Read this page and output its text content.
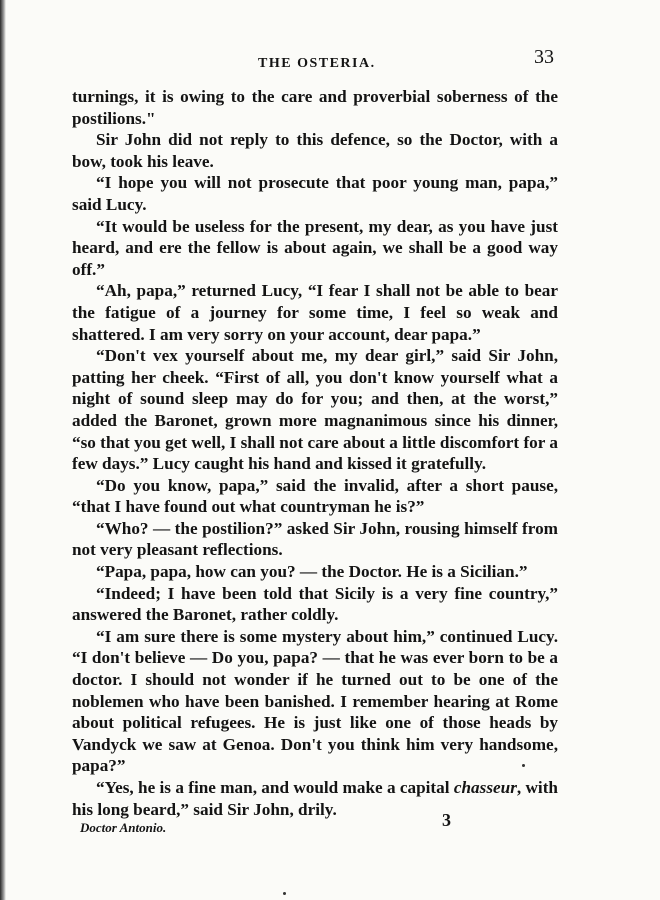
THE OSTERIA.	33

turnings, it is owing to the care and proverbial soberness of the postilions."

Sir John did not reply to this defence, so the Doctor, with a bow, took his leave.

“I hope you will not prosecute that poor young man, papa,” said Lucy.

“It would be useless for the present, my dear, as you have just heard, and ere the fellow is about again, we shall be a good way off.”

“Ah, papa,” returned Lucy, “I fear I shall not be able to bear the fatigue of a journey for some time, I feel so weak and shattered. I am very sorry on your account, dear papa.”

“Don't vex yourself about me, my dear girl,” said Sir John, patting her cheek. “First of all, you don't know yourself what a night of sound sleep may do for you; and then, at the worst,” added the Baronet, grown more magnanimous since his dinner, “so that you get well, I shall not care about a little discomfort for a few days.” Lucy caught his hand and kissed it gratefully.

“Do you know, papa,” said the invalid, after a short pause, “that I have found out what countryman he is?”

“Who? — the postilion?” asked Sir John, rousing himself from not very pleasant reflections.

“Papa, papa, how can you? — the Doctor. He is a Sicilian.”

“Indeed; I have been told that Sicily is a very fine country,” answered the Baronet, rather coldly.

“I am sure there is some mystery about him,” continued Lucy. “I don't believe — Do you, papa? — that he was ever born to be a doctor. I should not wonder if he turned out to be one of the noblemen who have been banished. I remember hearing at Rome about political refugees. He is just like one of those heads by Vandyck we saw at Genoa. Don't you think him very handsome, papa?”

“Yes, he is a fine man, and would make a capital chasseur, with his long beard,” said Sir John, drily.

Doctor Antonio.	3
